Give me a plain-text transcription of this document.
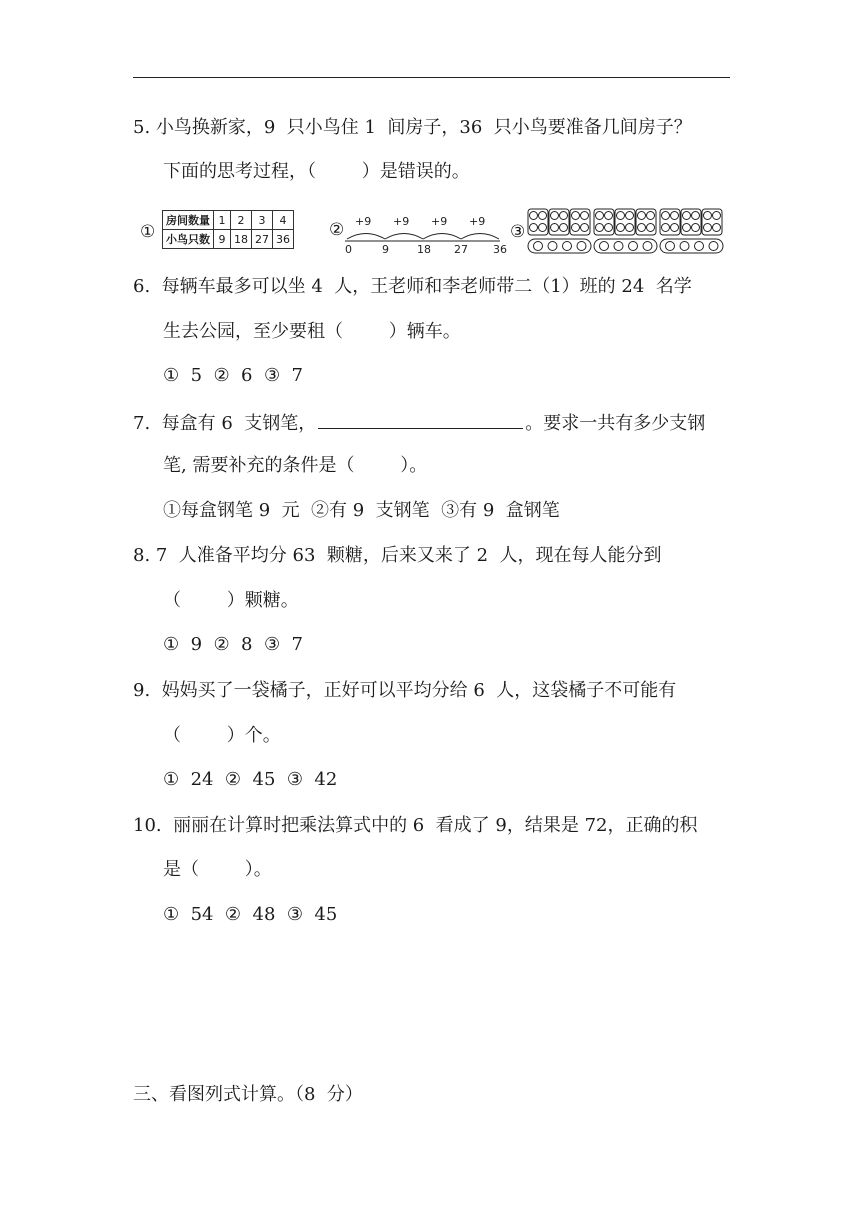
5. 小鸟换新家，9  只小鸟住 1  间房子，36  只小鸟要准备几间房子？
下面的思考过程，（        ）是错误的。
①
房间数量	1	2	3	4
小鸟只数	9	18	27	36 ② +9 +9 +9 +9
0	9	18 27 36
③
6.  每辆车最多可以坐 4  人，王老师和李老师带二（1）班的 24  名学
生去公园，至少要租（        ）辆车。
①  5  ②  6  ③  7
7.  每盒有 6  支钢笔，	。要求一共有多少支钢
笔, 需要补充的条件是（        ）。
①每盒钢笔 9  元  ②有 9  支钢笔  ③有 9  盒钢笔
8. 7  人准备平均分 63  颗糖，后来又来了 2  人，现在每人能分到
（        ）颗糖。
①  9  ②  8  ③  7
9.  妈妈买了一袋橘子，正好可以平均分给 6  人，这袋橘子不可能有
（        ）个。
①  24  ②  45  ③  42
10.  丽丽在计算时把乘法算式中的 6  看成了 9，结果是 72，正确的积
是（        ）。
①  54  ②  48  ③  45
三、看图列式计算。（8  分）
